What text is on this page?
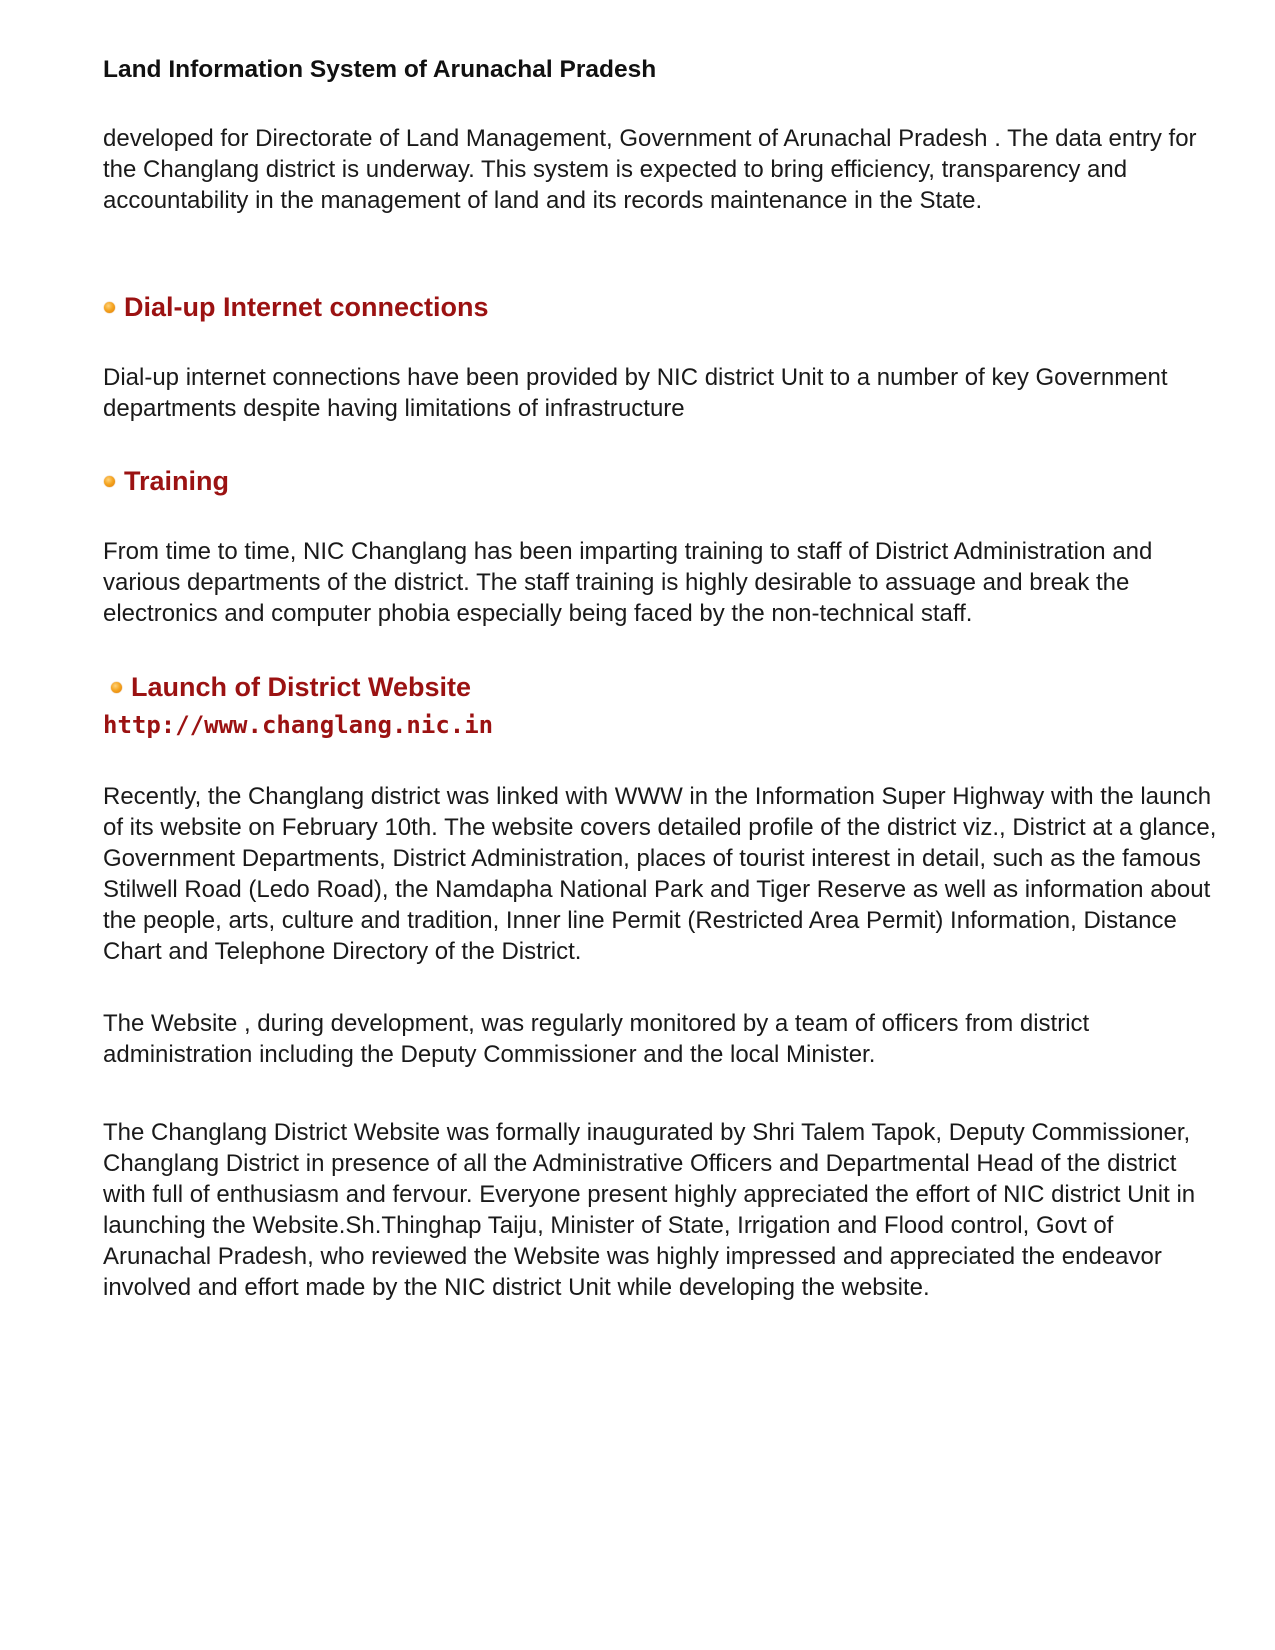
Land Information System of Arunachal Pradesh

developed for Directorate of Land Management, Government of Arunachal Pradesh . The data entry for the Changlang district is underway. This system is expected to bring efficiency, transparency and accountability in the management of land and its records maintenance in the State.

Dial-up Internet connections

Dial-up internet connections have been provided by NIC district Unit to a number of key Government departments despite having limitations of infrastructure

Training

From time to time, NIC Changlang has been imparting training to staff of District Administration and various departments of the district. The staff training is highly desirable to assuage and break the electronics and computer phobia especially being faced by the non-technical staff.

Launch of District Website
http://www.changlang.nic.in

Recently, the Changlang district was linked with WWW in the Information Super Highway with the launch of its website on February 10th. The website covers detailed profile of the district viz., District at a glance, Government Departments, District Administration, places of tourist interest in detail, such as the famous Stilwell Road (Ledo Road), the Namdapha National Park and Tiger Reserve as well as information about the people, arts, culture and tradition, Inner line Permit (Restricted Area Permit) Information, Distance Chart and Telephone Directory of the District.

The Website , during development, was regularly monitored by a team of officers from district administration including the Deputy Commissioner and the local Minister.

The Changlang District Website was formally inaugurated by Shri Talem Tapok, Deputy Commissioner, Changlang District in presence of all the Administrative Officers and Departmental Head of the district with full of enthusiasm and fervour. Everyone present highly appreciated the effort of NIC district Unit in launching the Website.Sh.Thinghap Taiju, Minister of State, Irrigation and Flood control, Govt of Arunachal Pradesh, who reviewed the Website was highly impressed and appreciated the endeavor involved and effort made by the NIC district Unit while developing the website.
